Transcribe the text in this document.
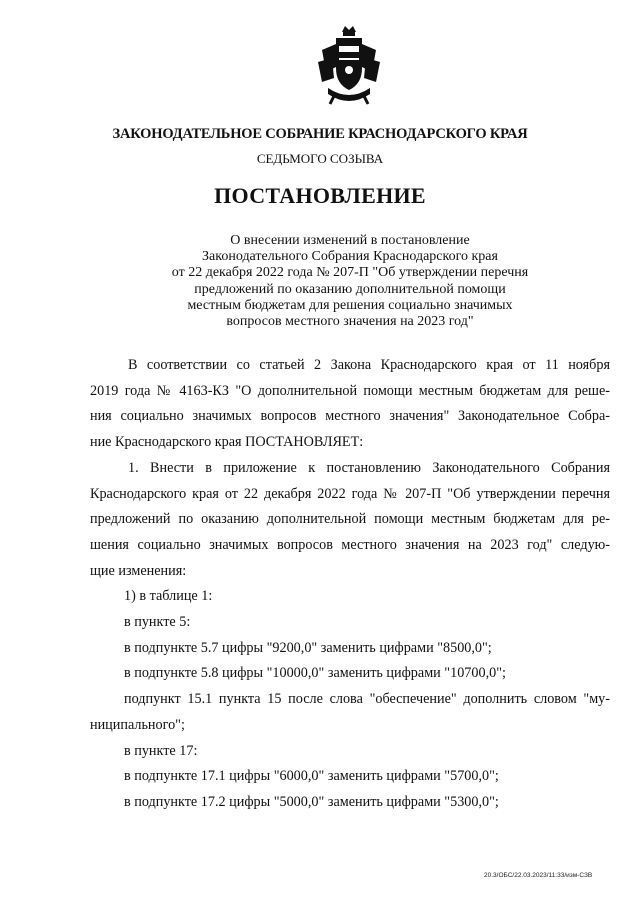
ЗАКОНОДАТЕЛЬНОЕ СОБРАНИЕ КРАСНОДАРСКОГО КРАЯ
СЕДЬМОГО СОЗЫВА
ПОСТАНОВЛЕНИЕ
О внесении изменений в постановление
Законодательного Собрания Краснодарского края
от 22 декабря 2022 года № 207-П "Об утверждении перечня
предложений по оказанию дополнительной помощи
местным бюджетам для решения социально значимых
вопросов местного значения на 2023 год"
В соответствии со статьей 2 Закона Краснодарского края от 11 ноября
2019 года № 4163-КЗ "О дополнительной помощи местным бюджетам для реше-
ния социально значимых вопросов местного значения" Законодательное Собра-
ние Краснодарского края ПОСТАНОВЛЯЕТ:
1. Внести в приложение к постановлению Законодательного Собрания
Краснодарского края от 22 декабря 2022 года № 207-П "Об утверждении перечня
предложений по оказанию дополнительной помощи местным бюджетам для ре-
шения социально значимых вопросов местного значения на 2023 год" следую-
щие изменения:
1) в таблице 1:
в пункте 5:
в подпункте 5.7 цифры "9200,0" заменить цифрами "8500,0";
в подпункте 5.8 цифры "10000,0" заменить цифрами "10700,0";
подпункт 15.1 пункта 15 после слова "обеспечение" дополнить словом "му-
ниципального";
в пункте 17:
в подпункте 17.1 цифры "6000,0" заменить цифрами "5700,0";
в подпункте 17.2 цифры "5000,0" заменить цифрами "5300,0";
20.3/ОБС/22.03.2023/11:33/изм-СЗВ
